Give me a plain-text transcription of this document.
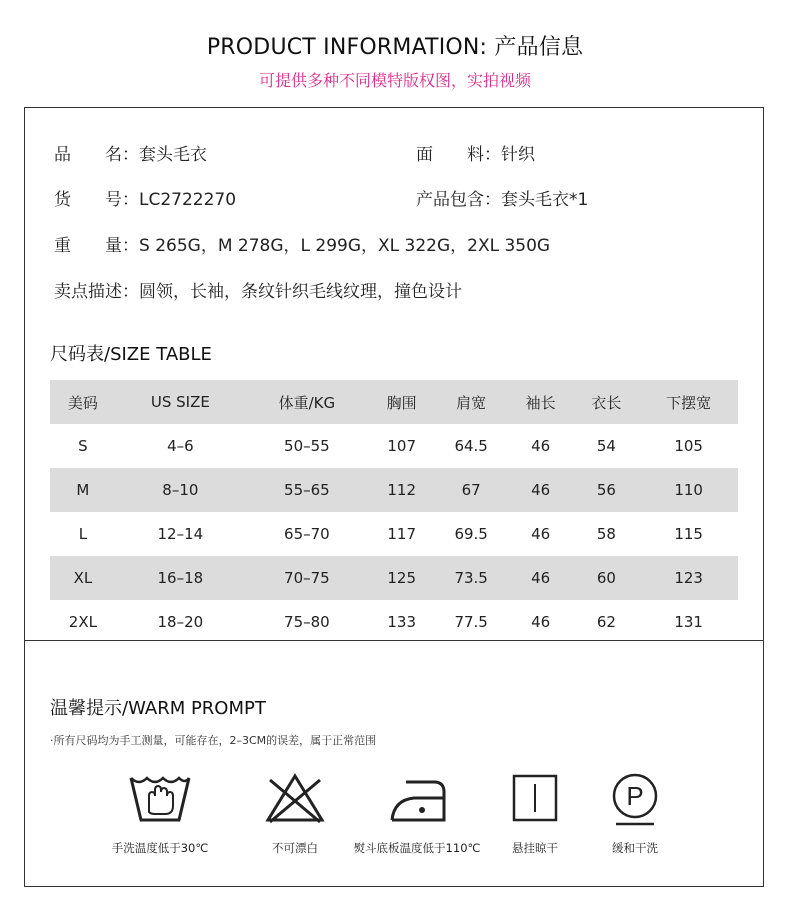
PRODUCT INFORMATION: 产品信息
可提供多种不同模特版权图，实拍视频
品　　名：套头毛衣	面　　料：针织
货　　号：LC2722270	产品包含：套头毛衣*1
重　　量：S 265G，M 278G，L 299G，XL 322G，2XL 350G
卖点描述：圆领，长袖，条纹针织毛线纹理，撞色设计
尺码表/SIZE TABLE
美码	US SIZE	体重/KG	胸围	肩宽	袖长	衣长	下摆宽
S	4–6	50–55	107	64.5	46	54	105
M	8–10	55–65	112	67	46	56	110
L	12–14	65–70	117	69.5	46	58	115
XL	16–18	70–75	125	73.5	46	60	123
2XL	18–20	75–80	133	77.5	46	62	131
温馨提示/WARM PROMPT
·所有尺码均为手工测量，可能存在，2–3CM的误差，属于正常范围
手洗温度低于30℃	不可漂白	熨斗底板温度低于110℃	悬挂晾干
P
缓和干洗
